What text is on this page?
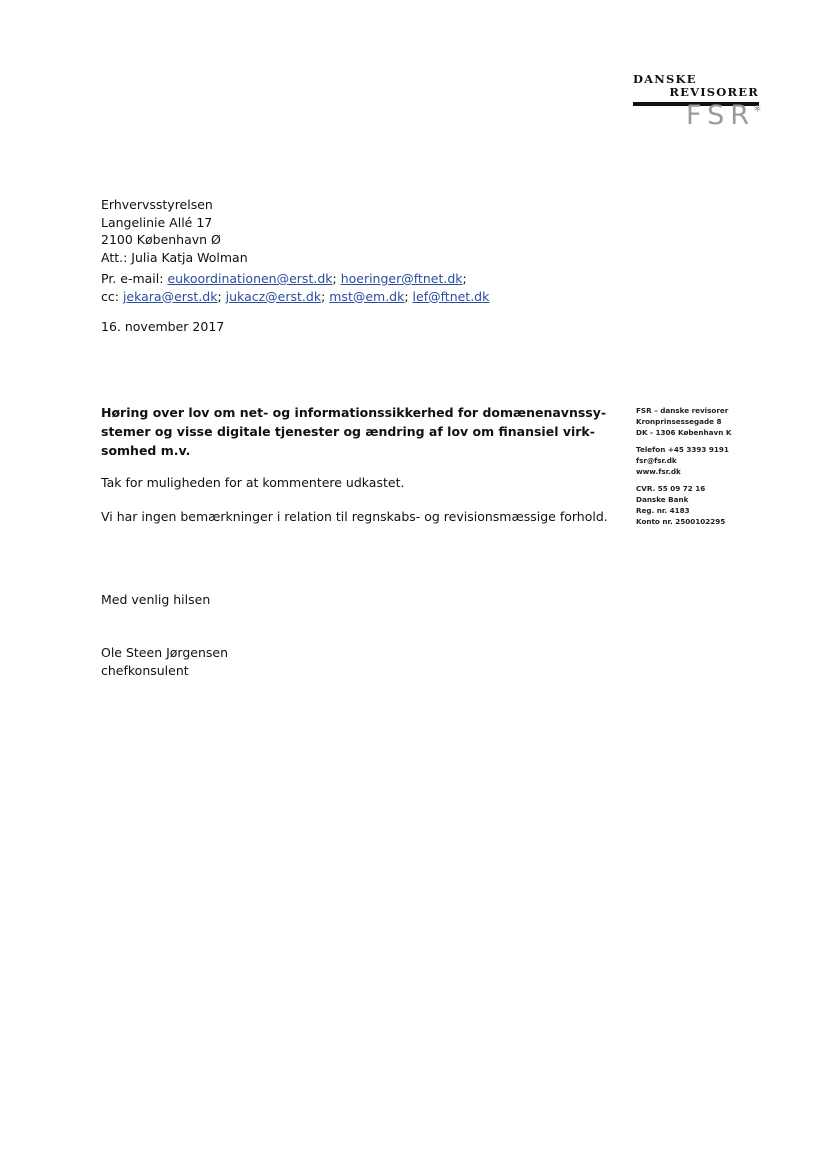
DANSKE
REVISORER
FSR
*
Erhvervsstyrelsen
Langelinie Allé 17
2100 København Ø
Att.: Julia Katja Wolman
Pr. e-mail: eukoordinationen@erst.dk; hoeringer@ftnet.dk;
cc: jekara@erst.dk; jukacz@erst.dk; mst@em.dk; lef@ftnet.dk
16. november 2017
Høring over lov om net- og informationssikkerhed for domænenavnssy-
stemer og visse digitale tjenester og ændring af lov om finansiel virk-
somhed m.v.
Tak for muligheden for at kommentere udkastet.
Vi har ingen bemærkninger i relation til regnskabs- og revisionsmæssige forhold.
FSR – danske revisorer
Kronprinsessegade 8
DK - 1306 København K
Telefon +45 3393 9191
fsr@fsr.dk
www.fsr.dk
CVR. 55 09 72 16
Danske Bank
Reg. nr. 4183
Konto nr. 2500102295
Med venlig hilsen
Ole Steen Jørgensen
chefkonsulent
